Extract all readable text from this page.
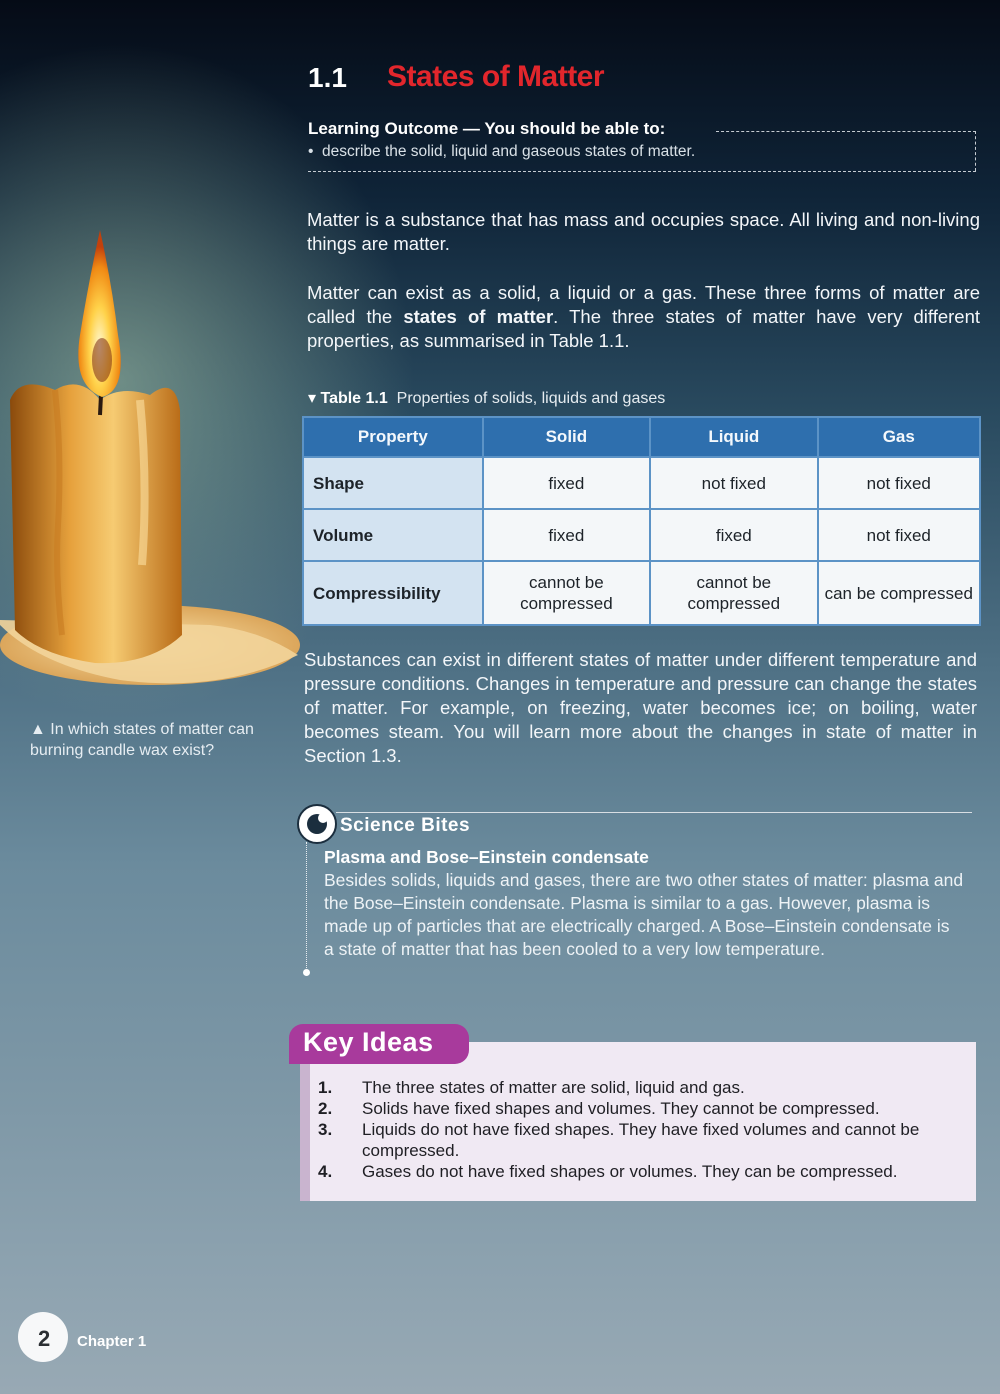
▲ In which states of matter can burning candle wax exist?
1.1 States of Matter
Learning Outcome — You should be able to:
•  describe the solid, liquid and gaseous states of matter.
Matter is a substance that has mass and occupies space. All living and non-living things are matter.
Matter can exist as a solid, a liquid or a gas. These three forms of matter are called the states of matter. The three states of matter have very different properties, as summarised in Table 1.1.
▾ Table 1.1 Properties of solids, liquids and gases
Property	Solid	Liquid	Gas
Shape	fixed	not fixed	not fixed
Volume	fixed	fixed	not fixed
Compressibility	cannot be compressed	cannot be compressed	can be compressed
Substances can exist in different states of matter under different temperature and pressure conditions. Changes in temperature and pressure can change the states of matter. For example, on freezing, water becomes ice; on boiling, water becomes steam. You will learn more about the changes in state of matter in Section 1.3.
Science Bites
Plasma and Bose–Einstein condensate
Besides solids, liquids and gases, there are two other states of matter: plasma and the Bose–Einstein condensate. Plasma is similar to a gas. However, plasma is made up of particles that are electrically charged. A Bose–Einstein condensate is a state of matter that has been cooled to a very low temperature.
Key Ideas
1. The three states of matter are solid, liquid and gas.
2. Solids have fixed shapes and volumes. They cannot be compressed.
3. Liquids do not have fixed shapes. They have fixed volumes and cannot be compressed.
4. Gases do not have fixed shapes or volumes. They can be compressed.
2 Chapter 1
